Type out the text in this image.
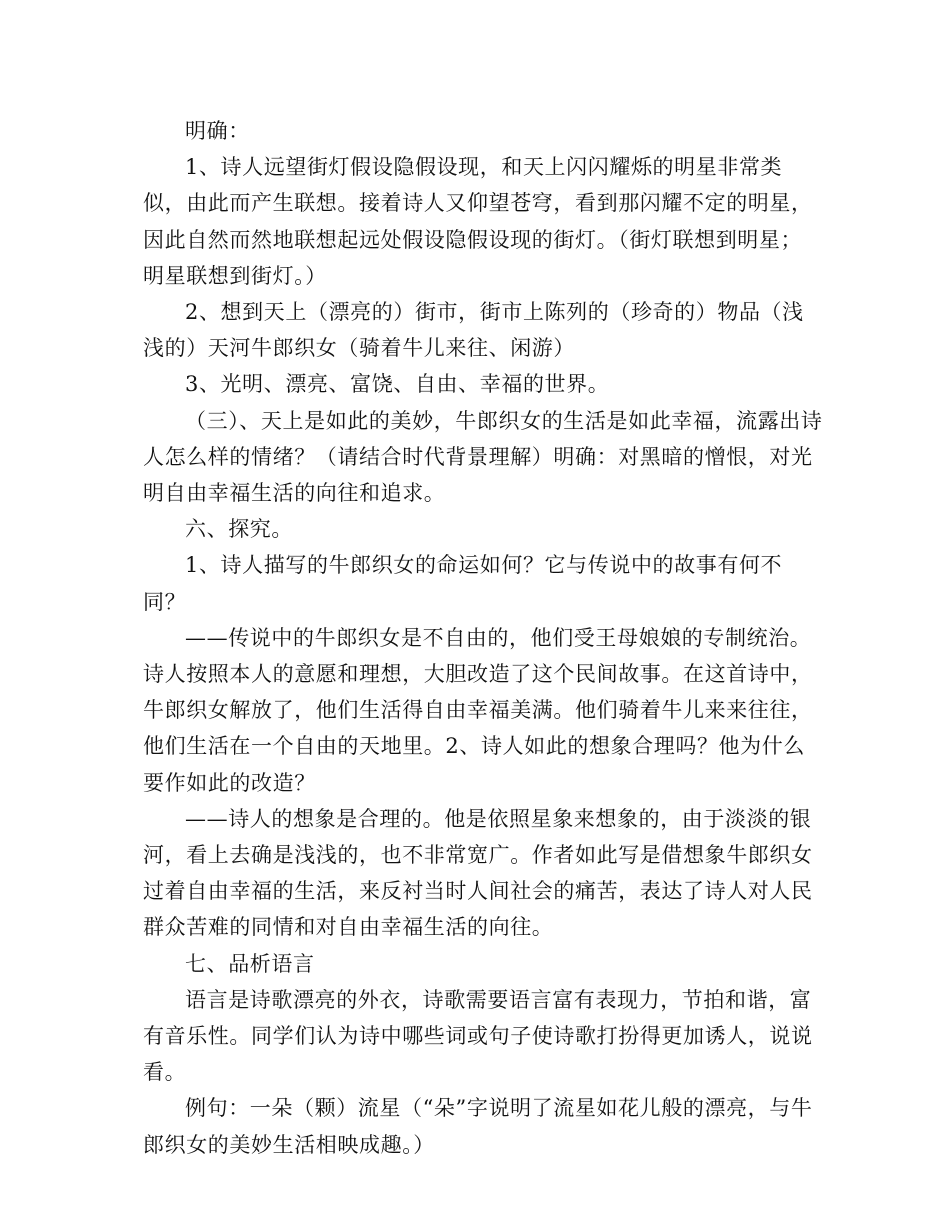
明确：

1、诗人远望街灯假设隐假设现，和天上闪闪耀烁的明星非常类似，由此而产生联想。接着诗人又仰望苍穹，看到那闪耀不定的明星，因此自然而然地联想起远处假设隐假设现的街灯。（街灯联想到明星；明星联想到街灯。）

2、想到天上（漂亮的）街市，街市上陈列的（珍奇的）物品（浅浅的）天河牛郎织女（骑着牛儿来往、闲游）

3、光明、漂亮、富饶、自由、幸福的世界。

（三）、天上是如此的美妙，牛郎织女的生活是如此幸福，流露出诗人怎么样的情绪？（请结合时代背景理解）明确：对黑暗的憎恨，对光明自由幸福生活的向往和追求。

六、探究。

1、诗人描写的牛郎织女的命运如何？它与传说中的故事有何不同？

——传说中的牛郎织女是不自由的，他们受王母娘娘的专制统治。诗人按照本人的意愿和理想，大胆改造了这个民间故事。在这首诗中，牛郎织女解放了，他们生活得自由幸福美满。他们骑着牛儿来来往往，他们生活在一个自由的天地里。2、诗人如此的想象合理吗？他为什么要作如此的改造？

——诗人的想象是合理的。他是依照星象来想象的，由于淡淡的银河，看上去确是浅浅的，也不非常宽广。作者如此写是借想象牛郎织女过着自由幸福的生活，来反衬当时人间社会的痛苦，表达了诗人对人民群众苦难的同情和对自由幸福生活的向往。

七、品析语言

语言是诗歌漂亮的外衣，诗歌需要语言富有表现力，节拍和谐，富有音乐性。同学们认为诗中哪些词或句子使诗歌打扮得更加诱人，说说看。

例句：一朵（颗）流星（“朵”字说明了流星如花儿般的漂亮，与牛郎织女的美妙生活相映成趣。）
